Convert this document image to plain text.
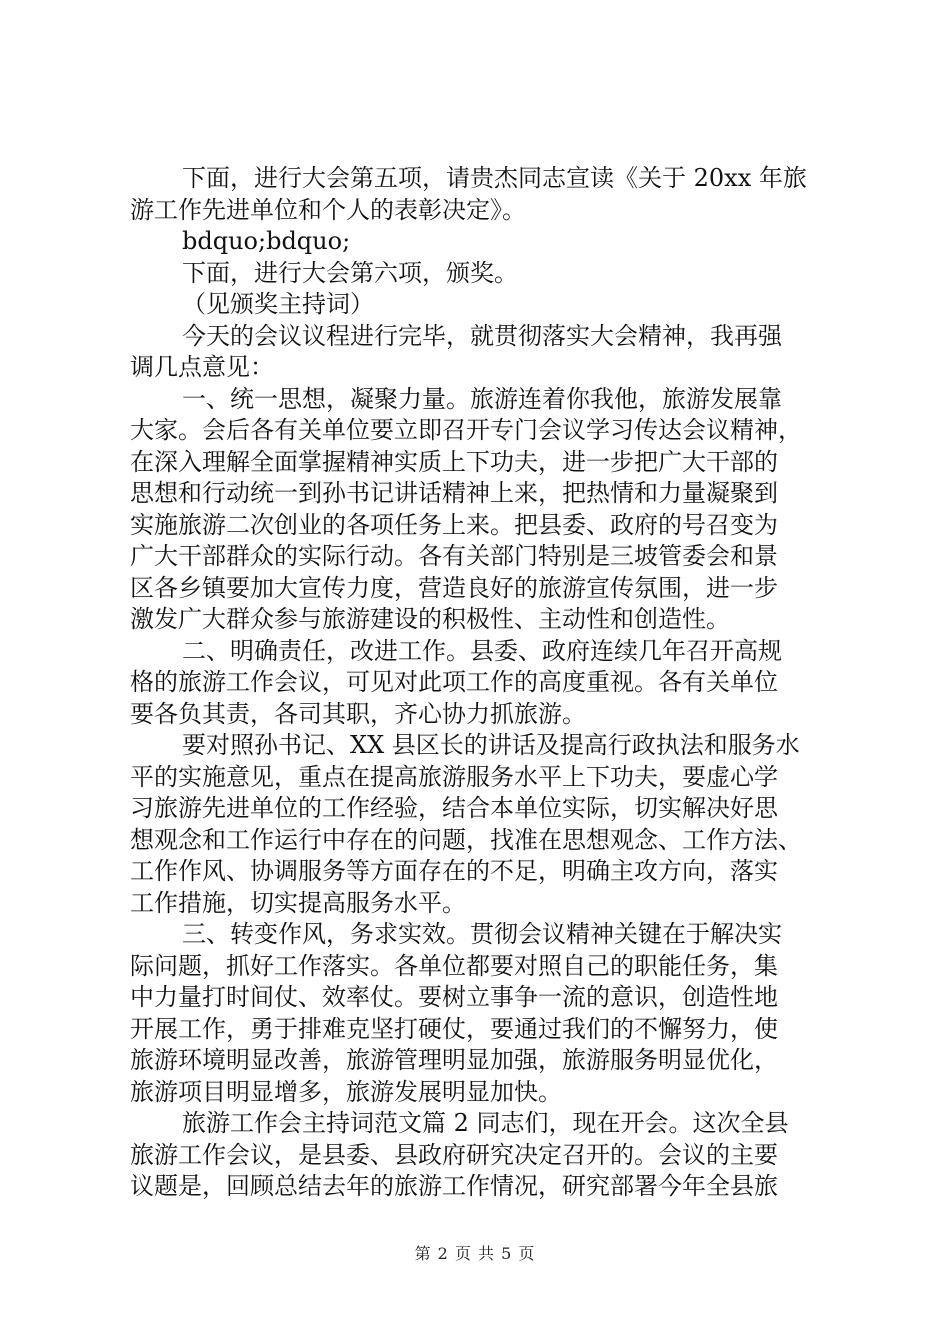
下面，进行大会第五项，请贵杰同志宣读《关于 20xx 年旅
游工作先进单位和个人的表彰决定》。
bdquo;bdquo;
下面，进行大会第六项，颁奖。
（见颁奖主持词）
今天的会议议程进行完毕，就贯彻落实大会精神，我再强
调几点意见：
一、统一思想，凝聚力量。旅游连着你我他，旅游发展靠
大家。会后各有关单位要立即召开专门会议学习传达会议精神，
在深入理解全面掌握精神实质上下功夫，进一步把广大干部的
思想和行动统一到孙书记讲话精神上来，把热情和力量凝聚到
实施旅游二次创业的各项任务上来。把县委、政府的号召变为
广大干部群众的实际行动。各有关部门特别是三坡管委会和景
区各乡镇要加大宣传力度，营造良好的旅游宣传氛围，进一步
激发广大群众参与旅游建设的积极性、主动性和创造性。
二、明确责任，改进工作。县委、政府连续几年召开高规
格的旅游工作会议，可见对此项工作的高度重视。各有关单位
要各负其责，各司其职，齐心协力抓旅游。
要对照孙书记、XX 县区长的讲话及提高行政执法和服务水
平的实施意见，重点在提高旅游服务水平上下功夫，要虚心学
习旅游先进单位的工作经验，结合本单位实际，切实解决好思
想观念和工作运行中存在的问题，找准在思想观念、工作方法、
工作作风、协调服务等方面存在的不足，明确主攻方向，落实
工作措施，切实提高服务水平。
三、转变作风，务求实效。贯彻会议精神关键在于解决实
际问题，抓好工作落实。各单位都要对照自己的职能任务，集
中力量打时间仗、效率仗。要树立事争一流的意识，创造性地
开展工作，勇于排难克坚打硬仗，要通过我们的不懈努力，使
旅游环境明显改善，旅游管理明显加强，旅游服务明显优化，
旅游项目明显增多，旅游发展明显加快。
旅游工作会主持词范文篇 2 同志们，现在开会。这次全县
旅游工作会议，是县委、县政府研究决定召开的。会议的主要
议题是，回顾总结去年的旅游工作情况，研究部署今年全县旅
第 2 页 共 5 页
